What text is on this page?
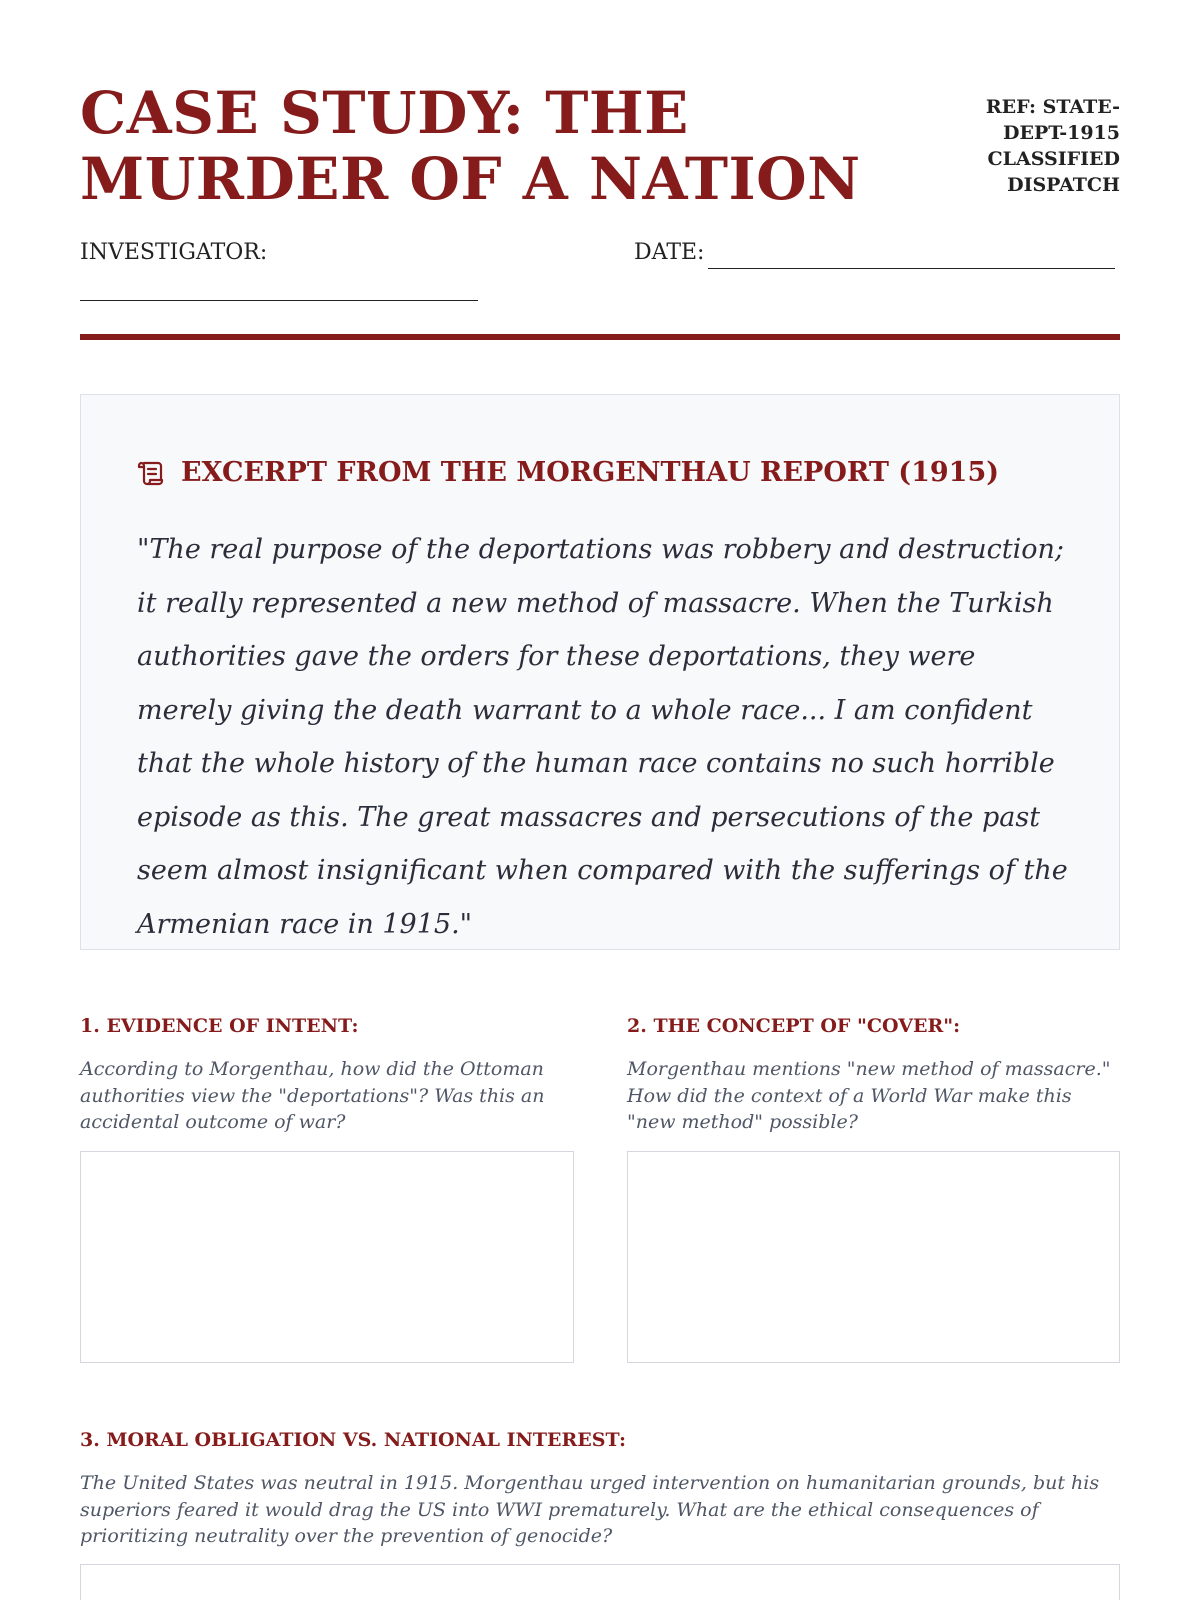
CASE STUDY: THE MURDER OF A NATION
REF: STATE-DEPT-1915 CLASSIFIED DISPATCH
INVESTIGATOR:	DATE:
EXCERPT FROM THE MORGENTHAU REPORT (1915)

"The real purpose of the deportations was robbery and destruction; it really represented a new method of massacre. When the Turkish authorities gave the orders for these deportations, they were merely giving the death warrant to a whole race... I am confident that the whole history of the human race contains no such horrible episode as this. The great massacres and persecutions of the past seem almost insignificant when compared with the sufferings of the Armenian race in 1915."

1. EVIDENCE OF INTENT:

According to Morgenthau, how did the Ottoman authorities view the "deportations"? Was this an accidental outcome of war?

2. THE CONCEPT OF "COVER":

Morgenthau mentions "new method of massacre." How did the context of a World War make this "new method" possible?

3. MORAL OBLIGATION VS. NATIONAL INTEREST:

The United States was neutral in 1915. Morgenthau urged intervention on humanitarian grounds, but his superiors feared it would drag the US into WWI prematurely. What are the ethical consequences of prioritizing neutrality over the prevention of genocide?
